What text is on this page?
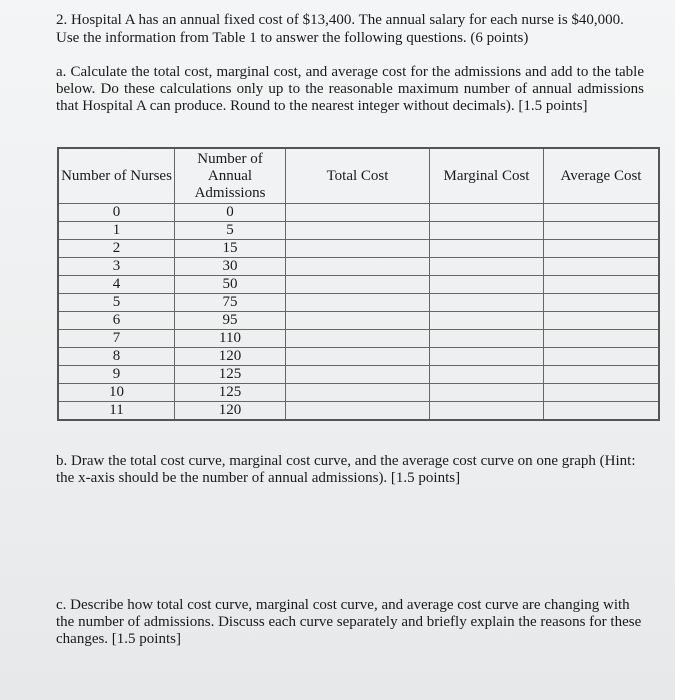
2. Hospital A has an annual fixed cost of $13,400. The annual salary for each nurse is $40,000.

Use the information from Table 1 to answer the following questions. (6 points)

a. Calculate the total cost, marginal cost, and average cost for the admissions and add to the table below. Do these calculations only up to the reasonable maximum number of annual admissions that Hospital A can produce. Round to the nearest integer without decimals). [1.5 points]

Number of Nurses	Number of Annual Admissions	Total Cost	Marginal Cost	Average Cost
0	0			
1	5			
2	15			
3	30			
4	50			
5	75			
6	95			
7	110			
8	120			
9	125			
10	125			
11	120			

b. Draw the total cost curve, marginal cost curve, and the average cost curve on one graph (Hint: the x-axis should be the number of annual admissions). [1.5 points]

c. Describe how total cost curve, marginal cost curve, and average cost curve are changing with the number of admissions. Discuss each curve separately and briefly explain the reasons for these changes. [1.5 points]
